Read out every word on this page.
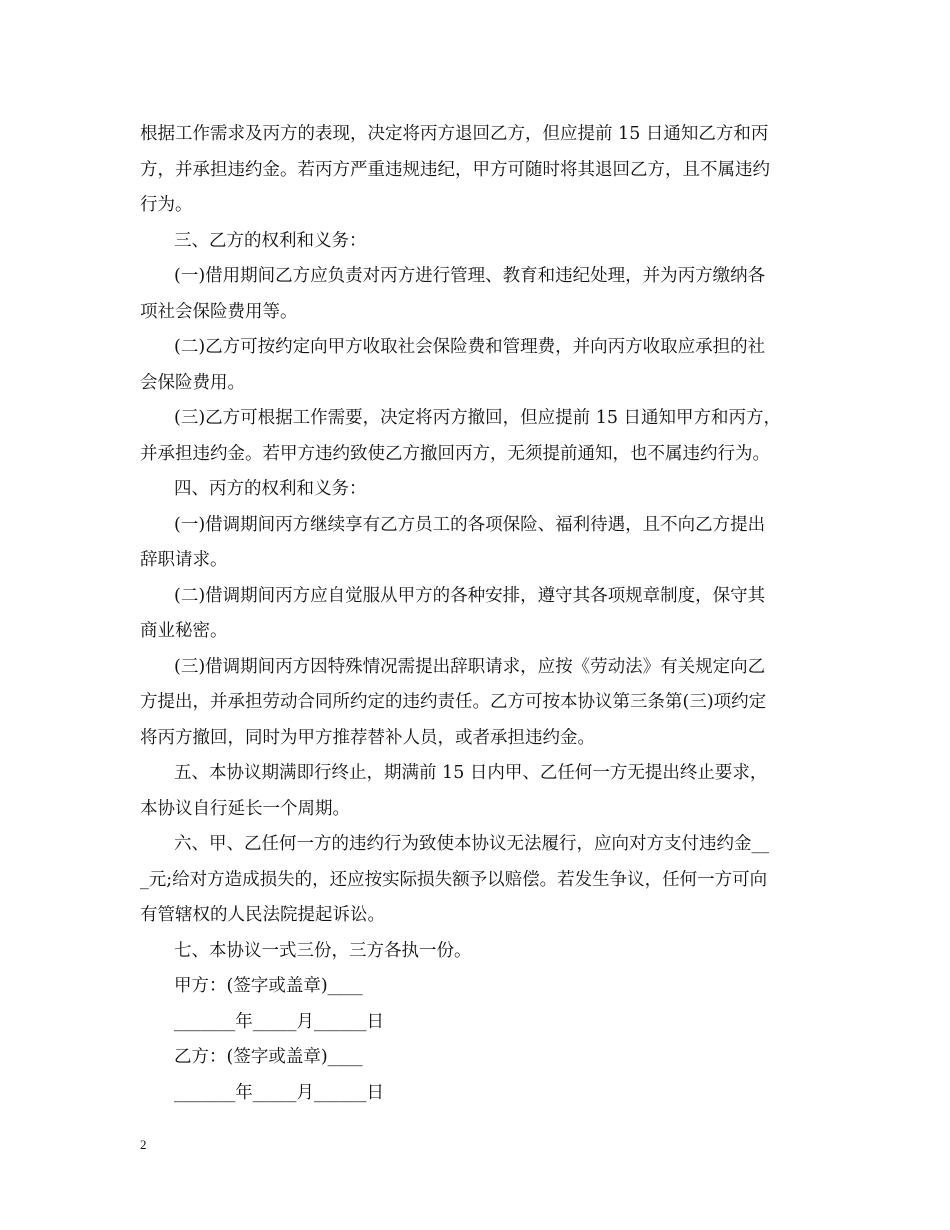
根据工作需求及丙方的表现，决定将丙方退回乙方，但应提前 15 日通知乙方和丙
方，并承担违约金。若丙方严重违规违纪，甲方可随时将其退回乙方，且不属违约
行为。
三、乙方的权利和义务：
(一)借用期间乙方应负责对丙方进行管理、教育和违纪处理，并为丙方缴纳各
项社会保险费用等。
(二)乙方可按约定向甲方收取社会保险费和管理费，并向丙方收取应承担的社
会保险费用。
(三)乙方可根据工作需要，决定将丙方撤回，但应提前 15 日通知甲方和丙方，
并承担违约金。若甲方违约致使乙方撤回丙方，无须提前通知，也不属违约行为。
四、丙方的权利和义务：
(一)借调期间丙方继续享有乙方员工的各项保险、福利待遇，且不向乙方提出
辞职请求。
(二)借调期间丙方应自觉服从甲方的各种安排，遵守其各项规章制度，保守其
商业秘密。
(三)借调期间丙方因特殊情况需提出辞职请求，应按《劳动法》有关规定向乙
方提出，并承担劳动合同所约定的违约责任。乙方可按本协议第三条第(三)项约定
将丙方撤回，同时为甲方推荐替补人员，或者承担违约金。
五、本协议期满即行终止，期满前 15 日内甲、乙任何一方无提出终止要求，
本协议自行延长一个周期。
六、甲、乙任何一方的违约行为致使本协议无法履行，应向对方支付违约金__
_元;给对方造成损失的，还应按实际损失额予以赔偿。若发生争议，任何一方可向
有管辖权的人民法院提起诉讼。
七、本协议一式三份，三方各执一份。
甲方：(签字或盖章)____
_______年_____月______日
乙方：(签字或盖章)____
_______年_____月______日
2
